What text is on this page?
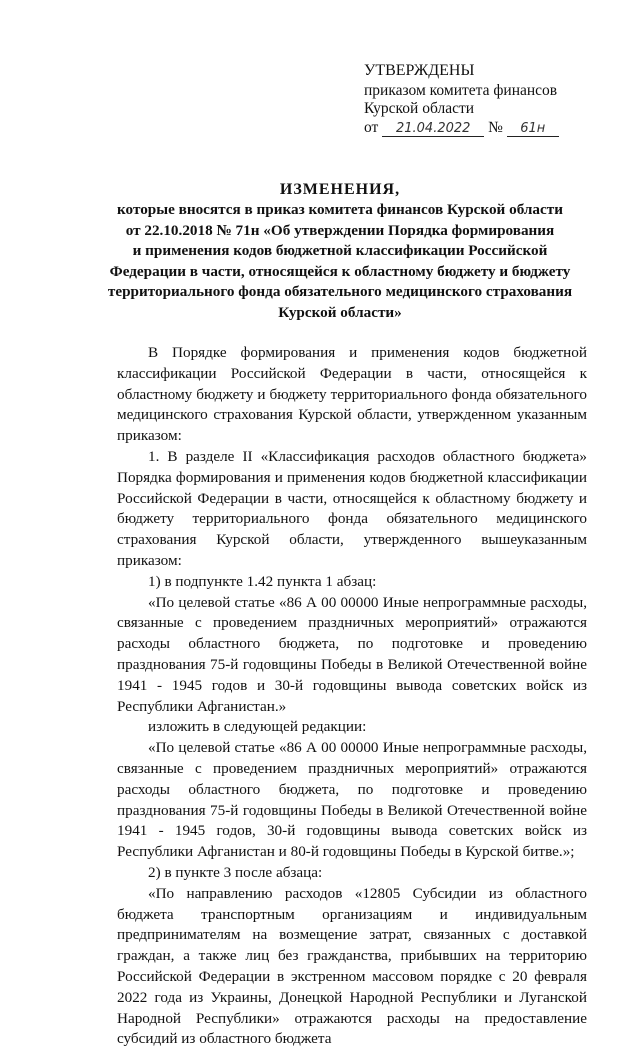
УТВЕРЖДЕНЫ
приказом комитета финансов
Курской области
от 21.04.2022 № 61н
ИЗМЕНЕНИЯ,
которые вносятся в приказ комитета финансов Курской области
от 22.10.2018 № 71н «Об утверждении Порядка формирования
и применения кодов бюджетной классификации Российской
Федерации в части, относящейся к областному бюджету и бюджету
территориального фонда обязательного медицинского страхования
Курской области»

В Порядке формирования и применения кодов бюджетной классификации Российской Федерации в части, относящейся к областному бюджету и бюджету территориального фонда обязательного медицинского страхования Курской области, утвержденном указанным приказом:

1. В разделе II «Классификация расходов областного бюджета» Порядка формирования и применения кодов бюджетной классификации Российской Федерации в части, относящейся к областному бюджету и бюджету территориального фонда обязательного медицинского страхования Курской области, утвержденного вышеуказанным приказом:

1) в подпункте 1.42 пункта 1 абзац:

«По целевой статье «86 А 00 00000 Иные непрограммные расходы, связанные с проведением праздничных мероприятий» отражаются расходы областного бюджета, по подготовке и проведению празднования 75-й годовщины Победы в Великой Отечественной войне 1941 - 1945 годов и 30-й годовщины вывода советских войск из Республики Афганистан.»

изложить в следующей редакции:

«По целевой статье «86 А 00 00000 Иные непрограммные расходы, связанные с проведением праздничных мероприятий» отражаются расходы областного бюджета, по подготовке и проведению празднования 75-й годовщины Победы в Великой Отечественной войне 1941 - 1945 годов, 30-й годовщины вывода советских войск из Республики Афганистан и 80-й годовщины Победы в Курской битве.»;

2) в пункте 3 после абзаца:

«По направлению расходов «12805 Субсидии из областного бюджета транспортным организациям и индивидуальным предпринимателям на возмещение затрат, связанных с доставкой граждан, а также лиц без гражданства, прибывших на территорию Российской Федерации в экстренном массовом порядке с 20 февраля 2022 года из Украины, Донецкой Народной Республики и Луганской Народной Республики» отражаются расходы на предоставление субсидий из областного бюджета
